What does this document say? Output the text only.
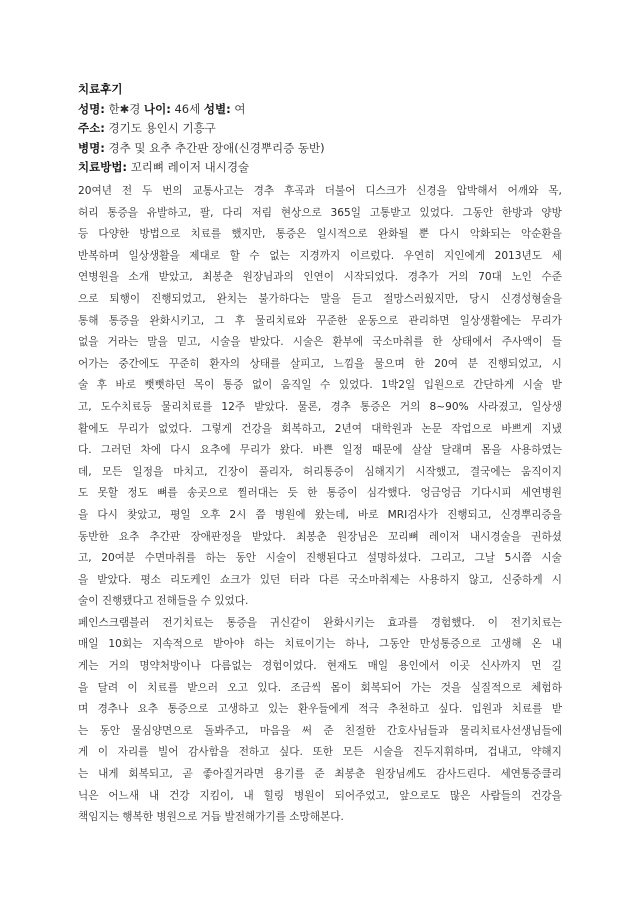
치료후기
성명: 한✱경 나이: 46세 성별: 여
주소: 경기도 용인시 기흥구
병명: 경추 및 요추 추간판 장애(신경뿌리증 동반)
치료방법: 꼬리뼈 레이저 내시경술
20여년 전 두 번의 교통사고는 경추 후곡과 더불어 디스크가 신경을 압박해서 어깨와 목,
허리 통증을 유발하고, 팔, 다리 저림 현상으로 365일 고통받고 있었다. 그동안 한방과 양방
등 다양한 방법으로 치료를 했지만, 통증은 일시적으로 완화될 뿐 다시 악화되는 악순환을
반복하며 일상생활을 제대로 할 수 없는 지경까지 이르렀다. 우연히 지인에게 2013년도 세
연병원을 소개 받았고, 최봉춘 원장님과의 인연이 시작되었다. 경추가 거의 70대 노인 수준
으로 퇴행이 진행되었고, 완치는 불가하다는 말을 듣고 절망스러웠지만, 당시 신경성형술을
통해 통증을 완화시키고, 그 후 물리치료와 꾸준한 운동으로 관리하면 일상생활에는 무리가
없을 거라는 말을 믿고, 시술을 받았다. 시술은 환부에 국소마취를 한 상태에서 주사액이 들
어가는 중간에도 꾸준히 환자의 상태를 살피고, 느낌을 물으며 한 20여 분 진행되었고, 시
술 후 바로 뻣뻣하던 목이 통증 없이 움직일 수 있었다. 1박2일 입원으로 간단하게 시술 받
고, 도수치료등 물리치료를 12주 받았다. 물론, 경추 통증은 거의 8~90% 사라졌고, 일상생
활에도 무리가 없었다. 그렇게 건강을 회복하고, 2년여 대학원과 논문 작업으로 바쁘게 지냈
다. 그러던 차에 다시 요추에 무리가 왔다. 바쁜 일정 때문에 살살 달래며 몸을 사용하였는
데, 모든 일정을 마치고, 긴장이 풀리자, 허리통증이 심해지기 시작했고, 결국에는 움직이지
도 못할 정도 뼈를 송곳으로 찔러대는 듯 한 통증이 심각했다. 엉금엉금 기다시피 세연병원
을 다시 찾았고, 평일 오후 2시 쯤 병원에 왔는데, 바로 MRI검사가 진행되고, 신경뿌리증을
동반한 요추 추간판 장애판정을 받았다. 최봉춘 원장님은 꼬리뼈 레이저 내시경술을 권하셨
고, 20여분 수면마취를 하는 동안 시술이 진행된다고 설명하셨다. 그리고, 그날 5시쯤 시술
을 받았다. 평소 리도케인 쇼크가 있던 터라 다른 국소마취제는 사용하지 않고, 신중하게 시
술이 진행됐다고 전해들을 수 있었다.
페인스크램블러 전기치료는 통증을 귀신같이 완화시키는 효과를 경험했다. 이 전기치료는
매일 10회는 지속적으로 받아야 하는 치료이기는 하나, 그동안 만성통증으로 고생해 온 내
게는 거의 명약처방이나 다름없는 경험이었다. 현재도 매일 용인에서 이곳 신사까지 먼 길
을 달려 이 치료를 받으러 오고 있다. 조금씩 몸이 회복되어 가는 것을 실질적으로 체험하
며 경추나 요추 통증으로 고생하고 있는 환우들에게 적극 추천하고 싶다. 입원과 치료를 받
는 동안 물심양면으로 돌봐주고, 마음을 써 준 친절한 간호사님들과 물리치료사선생님들에
게 이 자리를 빌어 감사함을 전하고 싶다. 또한 모든 시술을 진두지휘하며, 겁내고, 약해지
는 내게 회복되고, 곧 좋아질거라면 용기를 준 최봉춘 원장님께도 감사드린다. 세연통증클리
닉은 어느새 내 건강 지킴이, 내 힐링 병원이 되어주었고, 앞으로도 많은 사람들의 건강을
책임지는 행복한 병원으로 거듭 발전해가기를 소망해본다.
